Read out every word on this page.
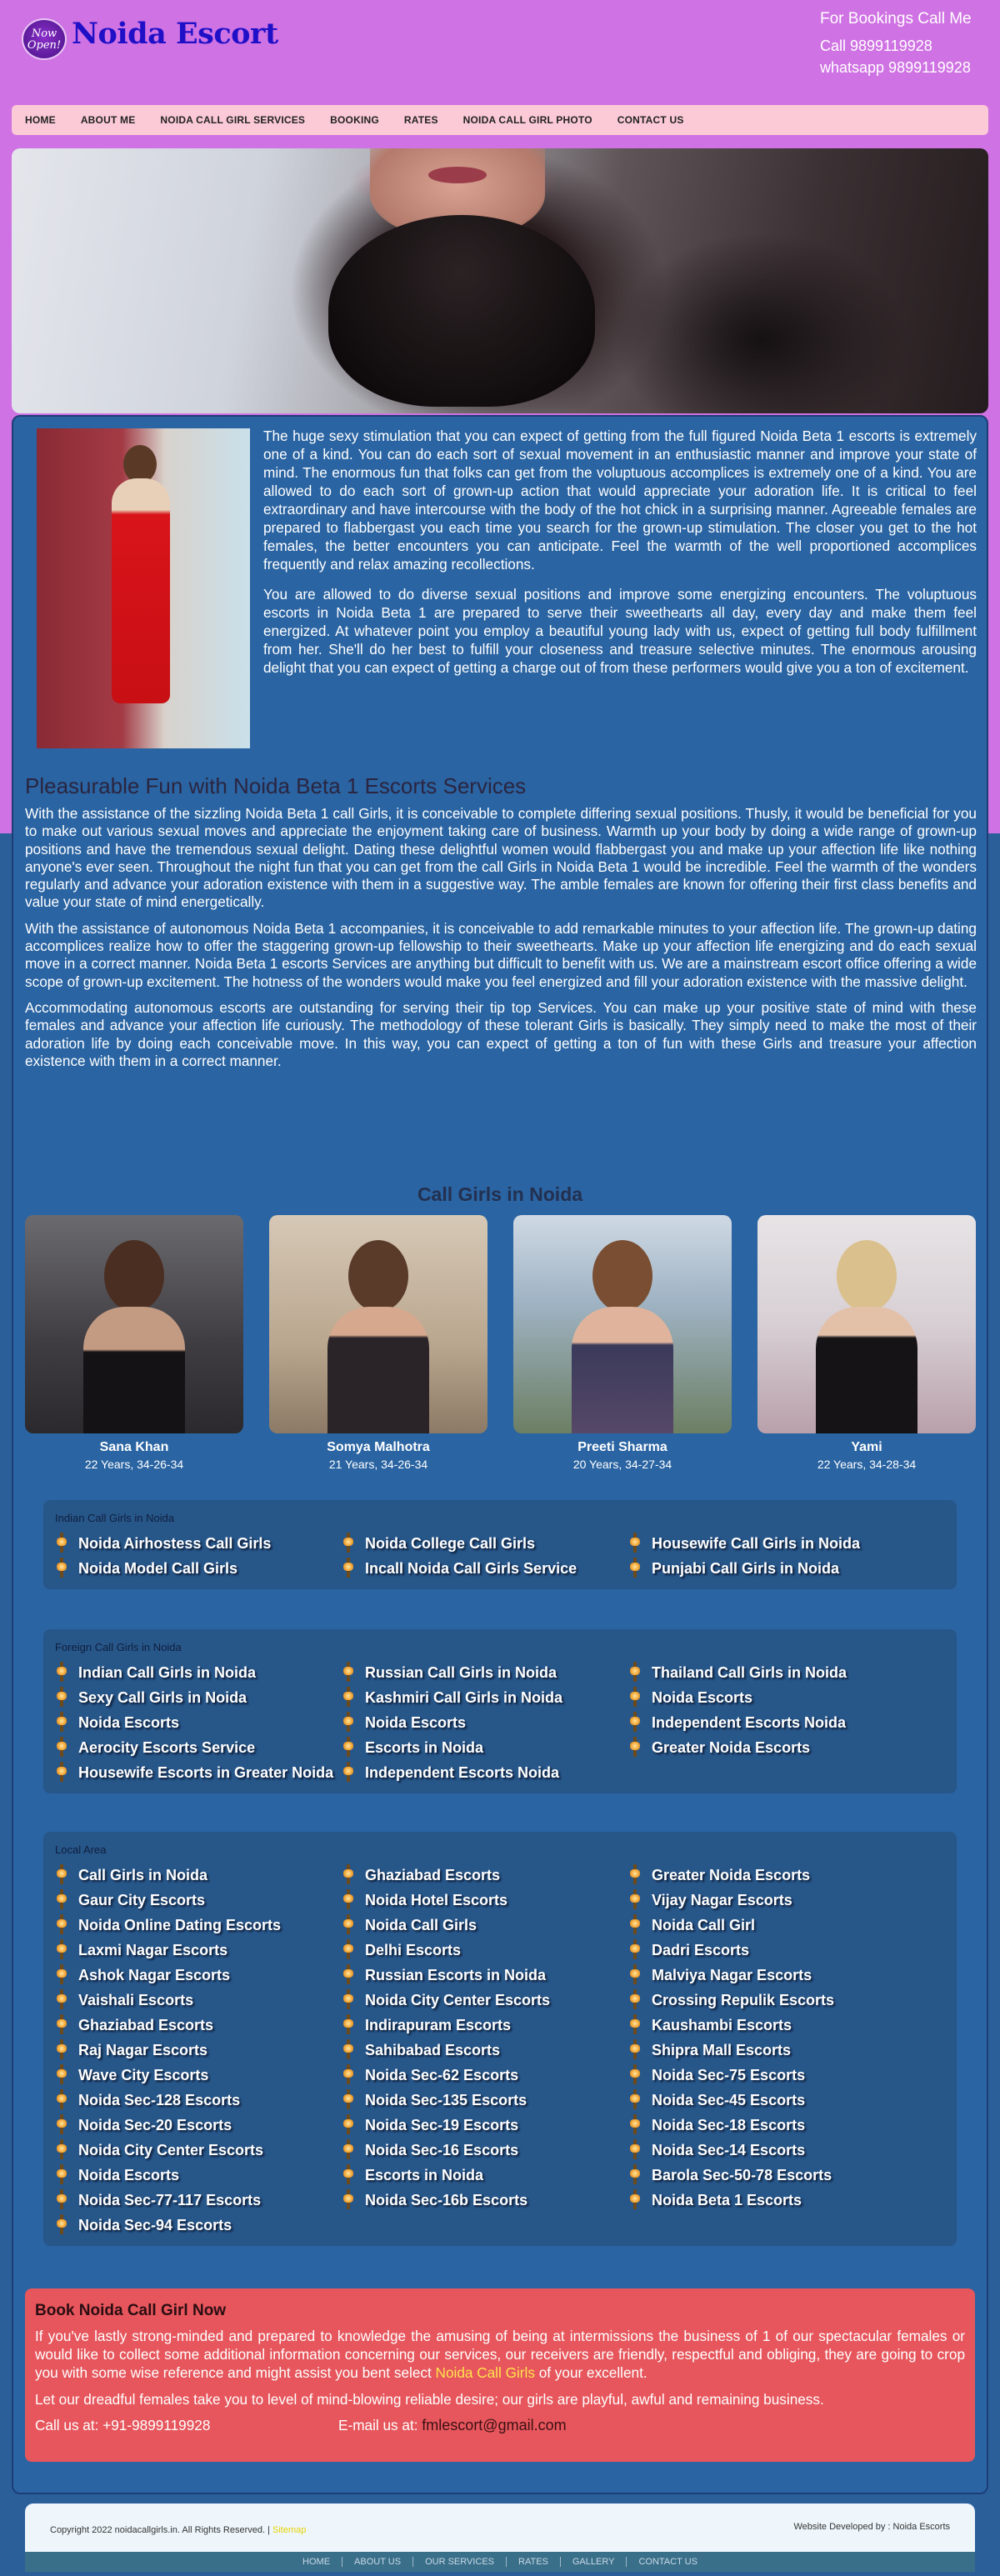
Now Open! Noida Escort	For Bookings Call Me
Call 9899119928
whatsapp 9899119928
HOME	ABOUT ME	NOIDA CALL GIRL SERVICES	BOOKING	RATES	NOIDA CALL GIRL PHOTO	CONTACT US

The huge sexy stimulation that you can expect of getting from the full figured Noida Beta 1 escorts is extremely one of a kind. You can do each sort of sexual movement in an enthusiastic manner and improve your state of mind. The enormous fun that folks can get from the voluptuous accomplices is extremely one of a kind. You are allowed to do each sort of grown-up action that would appreciate your adoration life. It is critical to feel extraordinary and have intercourse with the body of the hot chick in a surprising manner. Agreeable females are prepared to flabbergast you each time you search for the grown-up stimulation. The closer you get to the hot females, the better encounters you can anticipate. Feel the warmth of the well proportioned accomplices frequently and relax amazing recollections.

You are allowed to do diverse sexual positions and improve some energizing encounters. The voluptuous escorts in Noida Beta 1 are prepared to serve their sweethearts all day, every day and make them feel energized. At whatever point you employ a beautiful young lady with us, expect of getting full body fulfillment from her. She'll do her best to fulfill your closeness and treasure selective minutes. The enormous arousing delight that you can expect of getting a charge out of from these performers would give you a ton of excitement.

Pleasurable Fun with Noida Beta 1 Escorts Services

With the assistance of the sizzling Noida Beta 1 call Girls, it is conceivable to complete differing sexual positions. Thusly, it would be beneficial for you to make out various sexual moves and appreciate the enjoyment taking care of business. Warmth up your body by doing a wide range of grown-up positions and have the tremendous sexual delight. Dating these delightful women would flabbergast you and make up your affection life like nothing anyone's ever seen. Throughout the night fun that you can get from the call Girls in Noida Beta 1 would be incredible. Feel the warmth of the wonders regularly and advance your adoration existence with them in a suggestive way. The amble females are known for offering their first class benefits and value your state of mind energetically.

With the assistance of autonomous Noida Beta 1 accompanies, it is conceivable to add remarkable minutes to your affection life. The grown-up dating accomplices realize how to offer the staggering grown-up fellowship to their sweethearts. Make up your affection life energizing and do each sexual move in a correct manner. Noida Beta 1 escorts Services are anything but difficult to benefit with us. We are a mainstream escort office offering a wide scope of grown-up excitement. The hotness of the wonders would make you feel energized and fill your adoration existence with the massive delight.

Accommodating autonomous escorts are outstanding for serving their tip top Services. You can make up your positive state of mind with these females and advance your affection life curiously. The methodology of these tolerant Girls is basically. They simply need to make the most of their adoration life by doing each conceivable move. In this way, you can expect of getting a ton of fun with these Girls and treasure your affection existence with them in a correct manner.

Call Girls in Noida
Sana Khan
22 Years, 34-26-34
Somya Malhotra
21 Years, 34-26-34
Preeti Sharma
20 Years, 34-27-34
Yami
22 Years, 34-28-34
Indian Call Girls in Noida
Noida Airhostess Call Girls	Noida College Call Girls	Housewife Call Girls in Noida
Noida Model Call Girls	Incall Noida Call Girls Service	Punjabi Call Girls in Noida
Foreign Call Girls in Noida
Indian Call Girls in Noida	Russian Call Girls in Noida	Thailand Call Girls in Noida
Sexy Call Girls in Noida	Kashmiri Call Girls in Noida	Noida Escorts
Noida Escorts	Noida Escorts	Independent Escorts Noida
Aerocity Escorts Service	Escorts in Noida	Greater Noida Escorts
Housewife Escorts in Greater Noida Independent Escorts Noida
Local Area
Call Girls in Noida	Ghaziabad Escorts	Greater Noida Escorts
Gaur City Escorts	Noida Hotel Escorts	Vijay Nagar Escorts
Noida Online Dating Escorts	Noida Call Girls	Noida Call Girl
Laxmi Nagar Escorts	Delhi Escorts	Dadri Escorts
Ashok Nagar Escorts	Russian Escorts in Noida	Malviya Nagar Escorts
Vaishali Escorts	Noida City Center Escorts	Crossing Repulik Escorts
Ghaziabad Escorts	Indirapuram Escorts	Kaushambi Escorts
Raj Nagar Escorts	Sahibabad Escorts	Shipra Mall Escorts
Wave City Escorts	Noida Sec-62 Escorts	Noida Sec-75 Escorts
Noida Sec-128 Escorts	Noida Sec-135 Escorts	Noida Sec-45 Escorts
Noida Sec-20 Escorts	Noida Sec-19 Escorts	Noida Sec-18 Escorts
Noida City Center Escorts	Noida Sec-16 Escorts	Noida Sec-14 Escorts
Noida Escorts	Escorts in Noida	Barola Sec-50-78 Escorts
Noida Sec-77-117 Escorts	Noida Sec-16b Escorts	Noida Beta 1 Escorts
Noida Sec-94 Escorts
Book Noida Call Girl Now

If you've lastly strong-minded and prepared to knowledge the amusing of being at intermissions the business of 1 of our spectacular females or would like to collect some additional information concerning our services, our receivers are friendly, respectful and obliging, they are going to crop you with some wise reference and might assist you bent select Noida Call Girls of your excellent.

Let our dreadful females take you to level of mind-blowing reliable desire; our girls are playful, awful and remaining business.

Call us at: +91-9899119928	E-mail us at: fmlescort@gmail.com
Copyright 2022 noidacallgirls.in. All Rights Reserved. | Sitemap	Website Developed by : Noida Escorts
HOME	ABOUT US	OUR SERVICES	RATES	GALLERY	CONTACT US
